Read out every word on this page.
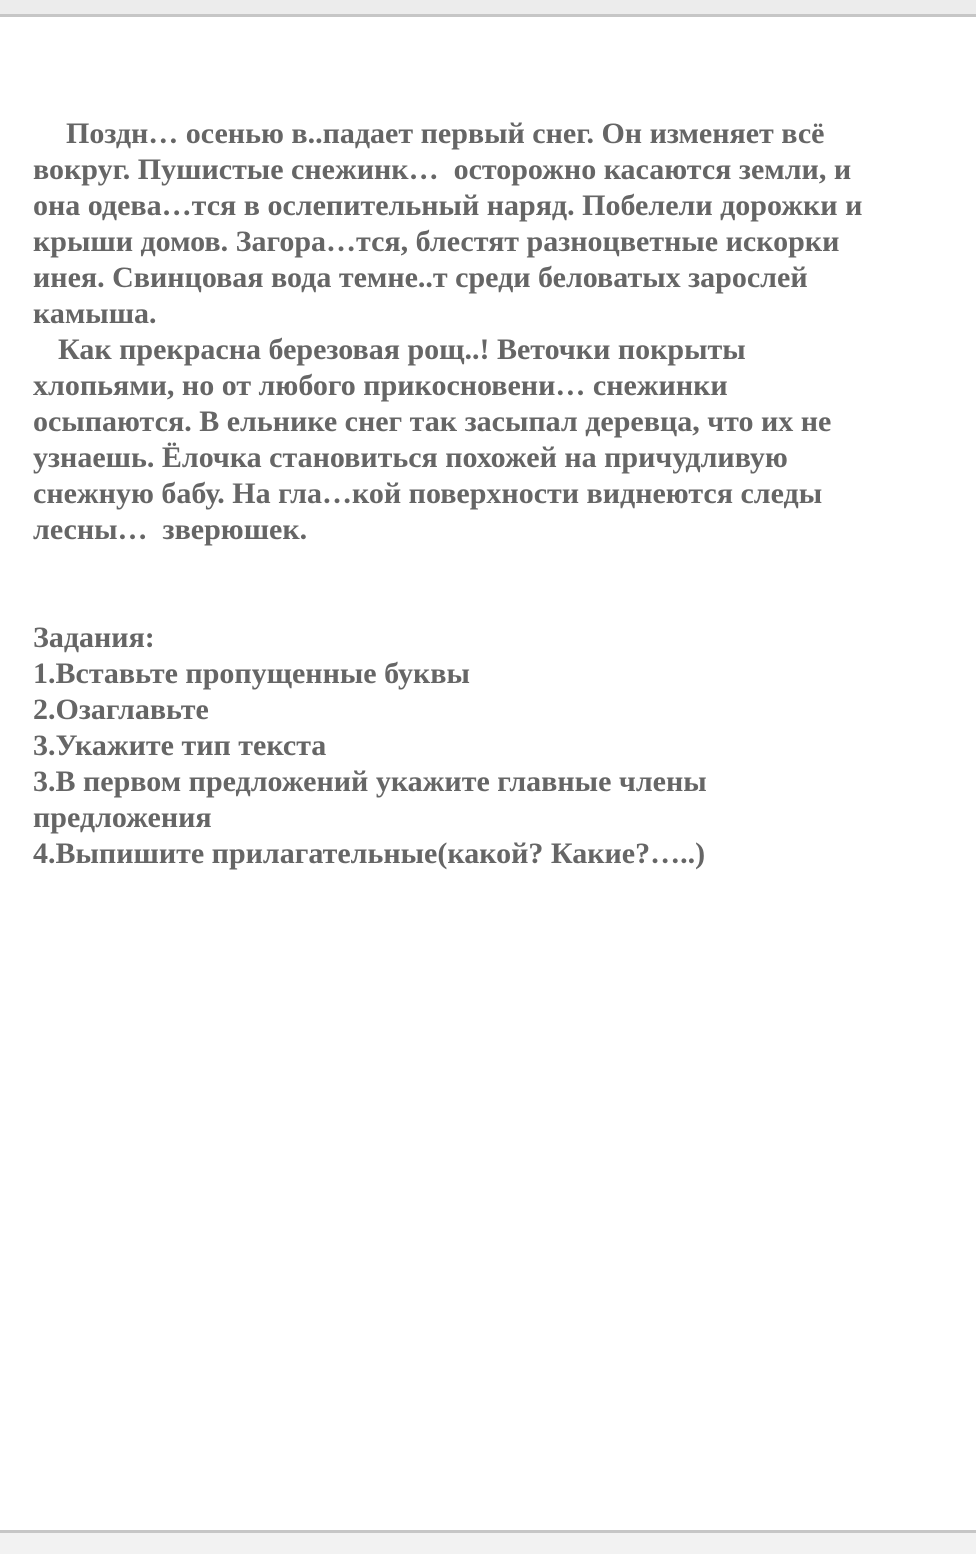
Поздн… осенью в..падает первый снег. Он изменяет всё
вокруг. Пушистые снежинк…  осторожно касаются земли, и
она одева…тся в ослепительный наряд. Побелели дорожки и
крыши домов. Загора…тся, блестят разноцветные искорки
инея. Свинцовая вода темне..т среди беловатых зарослей
камыша.
Как прекрасна березовая рощ..! Веточки покрыты
хлопьями, но от любого прикосновени… снежинки
осыпаются. В ельнике снег так засыпал деревца, что их не
узнаешь. Ёлочка становиться похожей на причудливую
снежную бабу. На гла…кой поверхности виднеются следы
лесны…  зверюшек.
Задания:
1.Вставьте пропущенные буквы
2.Озаглавьте
3.Укажите тип текста
3.В первом предложений укажите главные члены
предложения
4.Выпишите прилагательные(какой? Какие?…..)
